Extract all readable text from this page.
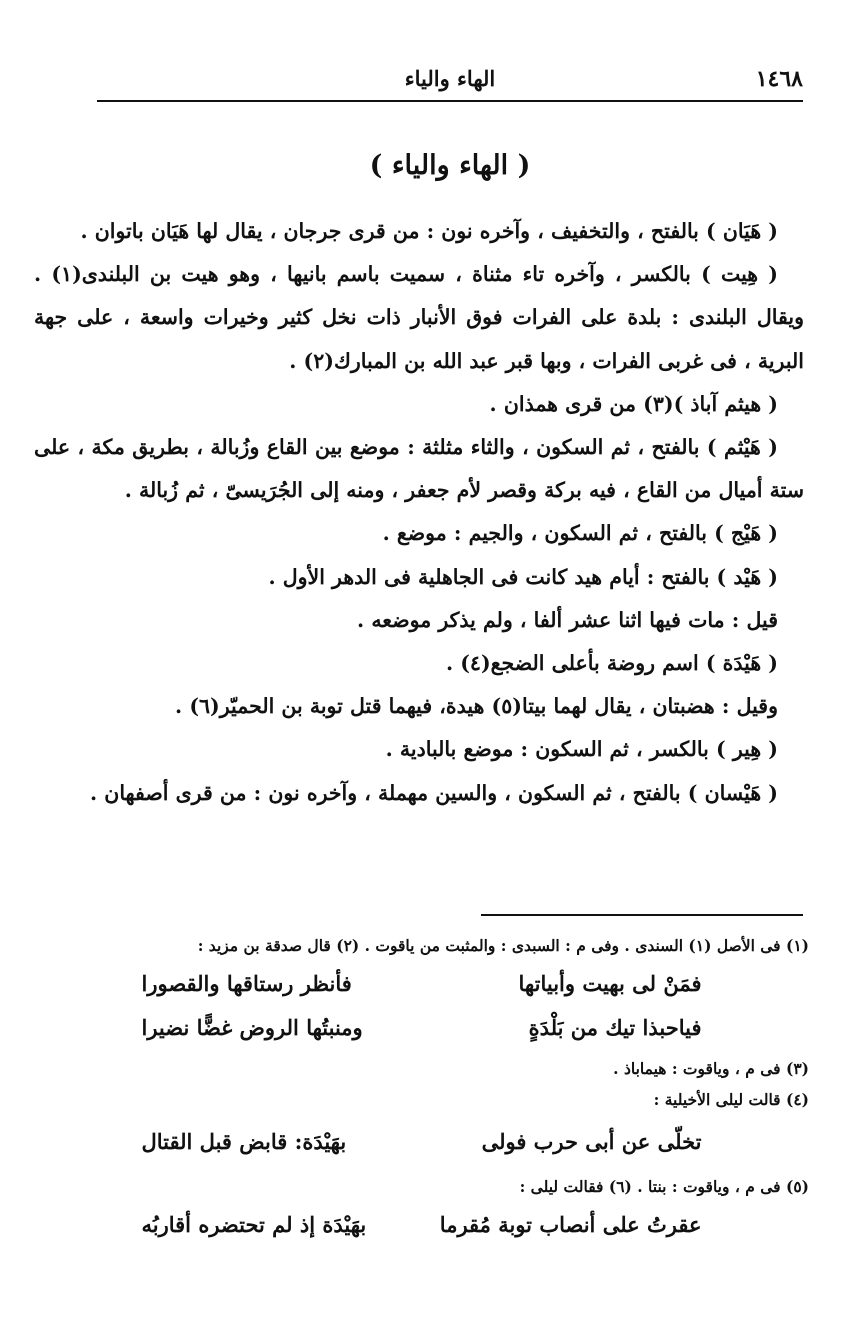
١٤٦٨
الهاء والياء
( الهاء والياء )

( هَيَان ) بالفتح ، والتخفيف ، وآخره نون : من قرى جرجان ، يقال لها هَيَان باتوان .

( هِيت ) بالكسر ، وآخره تاء مثناة ، سميت باسم بانيها ، وهو هيت بن البلندى(١) . ويقال البلندى : بلدة على الفرات فوق الأنبار ذات نخل كثير وخيرات واسعة ، على جهة البرية ، فى غربى الفرات ، وبها قبر عبد الله بن المبارك(٢) .

( هيثم آباذ )(٣) من قرى همذان .

( هَيْثم ) بالفتح ، ثم السكون ، والثاء مثلثة : موضع بين القاع وزُبالة ، بطريق مكة ، على ستة أميال من القاع ، فيه بركة وقصر لأم جعفر ، ومنه إلى الجُرَيسىّ ، ثم زُبالة .

( هَيْج ) بالفتح ، ثم السكون ، والجيم : موضع .

( هَيْد ) بالفتح : أيام هيد كانت فى الجاهلية فى الدهر الأول .

قيل : مات فيها اثنا عشر ألفا ، ولم يذكر موضعه .

( هَيْدَة ) اسم روضة بأعلى الضجع(٤) .

وقيل : هضبتان ، يقال لهما بيتا(٥) هيدة، فيهما قتل توبة بن الحميّر(٦) .

( هِير ) بالكسر ، ثم السكون : موضع بالبادية .

( هَيْسان ) بالفتح ، ثم السكون ، والسين مهملة ، وآخره نون : من قرى أصفهان .

(١) فى الأصل (١) السندى . وفى م : السبدى : والمثبت من ياقوت . (٢) قال صدقة بن مزيد :

فمَنْ لى بهيت وأبياتها
فأنظر رستاقها والقصورا
فياحبذا تيك من بَلْدَةٍ
ومنبتُها الروض غضًّا نضيرا

(٣) فى م ، وياقوت : هيماباذ .

(٤) قالت ليلى الأخيلية :

تخلّى عن أبى حرب فولى
بهَيْدَة: قابض قبل القتال

(٥) فى م ، وياقوت : بنتا . (٦) فقالت ليلى :

عقرتُ على أنصاب توبة مُقرما
بهَيْدَة إذ لم تحتضره أقاربُه
